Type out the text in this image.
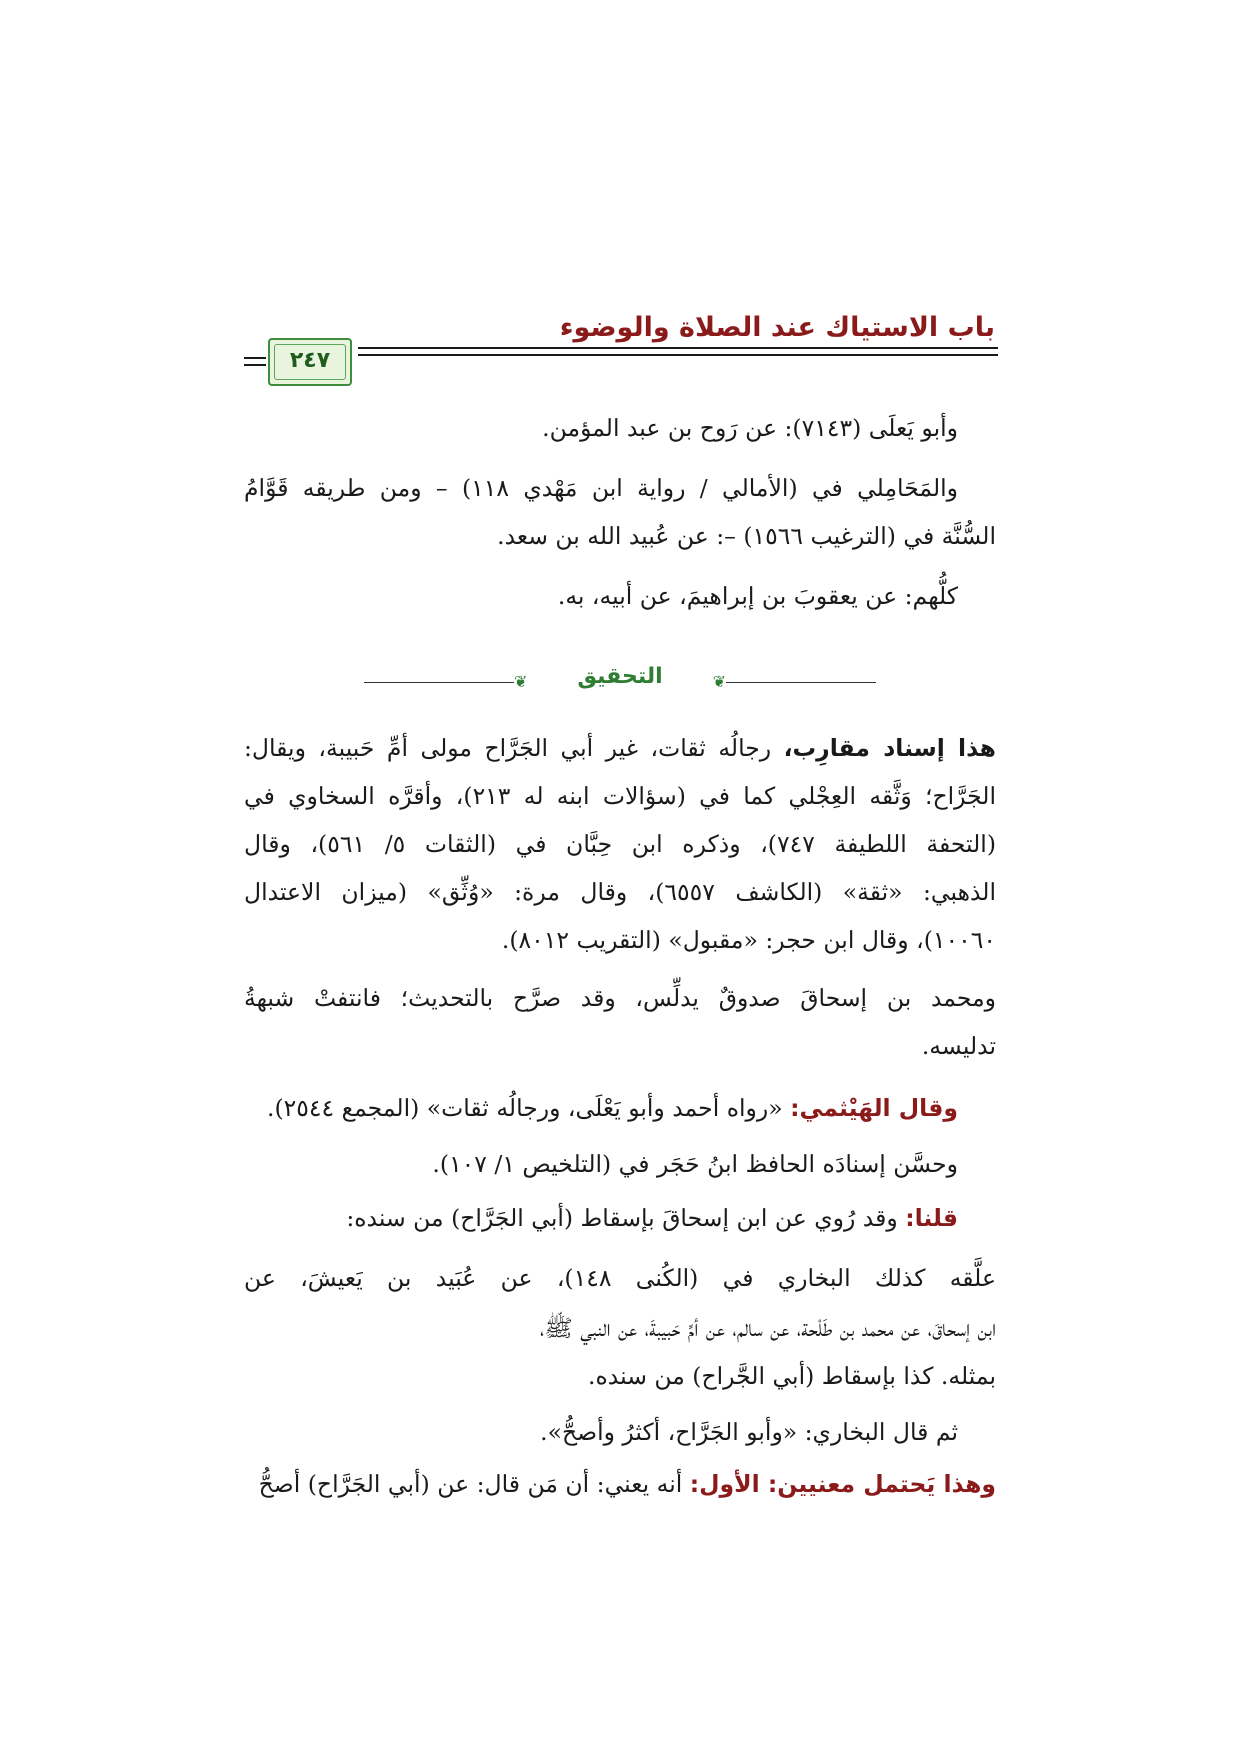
باب الاستياك عند الصلاة والوضوء
٢٤٧
وأبو يَعلَى (٧١٤٣): عن رَوح بن عبد المؤمن.
والمَحَامِلي في (الأمالي / رواية ابن مَهْدي ١١٨) – ومن طريقه قَوَّامُ
السُّنَّة في (الترغيب ١٥٦٦) –: عن عُبيد الله بن سعد.
كلُّهم: عن يعقوبَ بن إبراهيمَ، عن أبيه، به.
❦
التحقيق
❦
هذا إسناد مقارِب، رجالُه ثقات، غير أبي الجَرَّاح مولى أمِّ حَبيبة، ويقال:
الجَرَّاح؛ وَثَّقه العِجْلي كما في (سؤالات ابنه له ٢١٣)، وأقرَّه السخاوي في
(التحفة اللطيفة ٧٤٧)، وذكره ابن حِبَّان في (الثقات ٥/ ٥٦١)، وقال
الذهبي: «ثقة» (الكاشف ٦٥٥٧)، وقال مرة: «وُثِّق» (ميزان الاعتدال
١٠٠٦٠)، وقال ابن حجر: «مقبول» (التقريب ٨٠١٢).
ومحمد بن إسحاقَ صدوقٌ يدلِّس، وقد صرَّح بالتحديث؛ فانتفتْ شبهةُ
تدليسه.
وقال الهَيْثمي: «رواه أحمد وأبو يَعْلَى، ورجالُه ثقات» (المجمع ٢٥٤٤).
وحسَّن إسنادَه الحافظ ابنُ حَجَر في (التلخيص ١/ ١٠٧).
قلنا: وقد رُوي عن ابن إسحاقَ بإسقاط (أبي الجَرَّاح) من سنده:
علَّقه كذلك البخاري في (الكُنى ١٤٨)، عن عُبَيد بن يَعيشَ، عن
ابن إسحاقَ، عن محمد بن طَلْحة، عن سالم، عن أمِّ حَبيبةَ، عن النبي ﷺ،
بمثله. كذا بإسقاط (أبي الجَّراح) من سنده.
ثم قال البخاري: «وأبو الجَرَّاح، أكثرُ وأصحُّ».
وهذا يَحتمل معنيين: الأول: أنه يعني: أن مَن قال: عن (أبي الجَرَّاح) أصحُّ
